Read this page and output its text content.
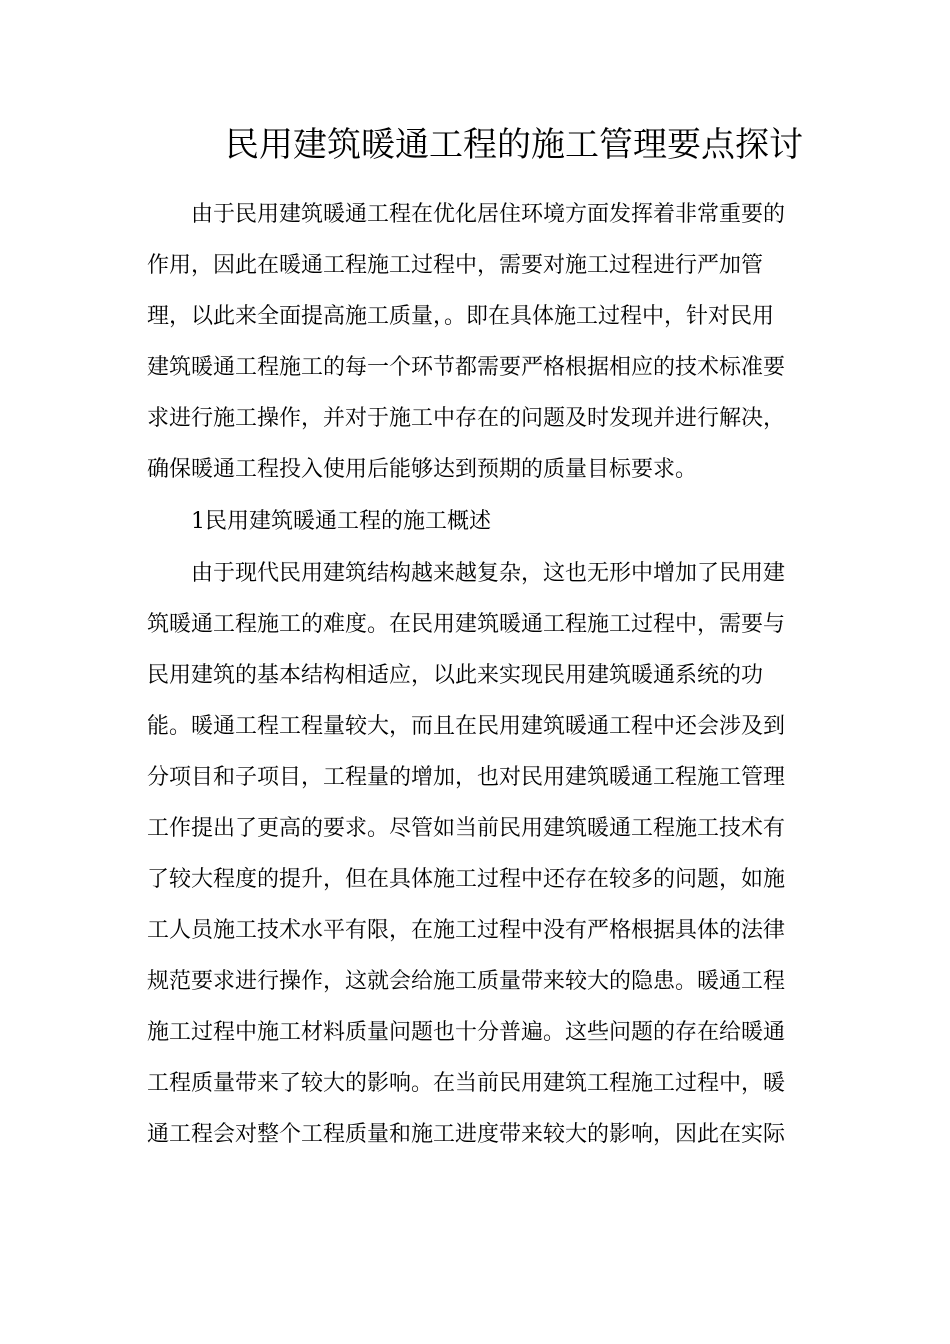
民用建筑暖通工程的施工管理要点探讨
由于民用建筑暖通工程在优化居住环境方面发挥着非常重要的
作用，因此在暖通工程施工过程中，需要对施工过程进行严加管
理，以此来全面提高施工质量，。即在具体施工过程中，针对民用
建筑暖通工程施工的每一个环节都需要严格根据相应的技术标准要
求进行施工操作，并对于施工中存在的问题及时发现并进行解决，
确保暖通工程投入使用后能够达到预期的质量目标要求。
1民用建筑暖通工程的施工概述
由于现代民用建筑结构越来越复杂，这也无形中增加了民用建
筑暖通工程施工的难度。在民用建筑暖通工程施工过程中，需要与
民用建筑的基本结构相适应，以此来实现民用建筑暖通系统的功
能。暖通工程工程量较大，而且在民用建筑暖通工程中还会涉及到
分项目和子项目，工程量的增加，也对民用建筑暖通工程施工管理
工作提出了更高的要求。尽管如当前民用建筑暖通工程施工技术有
了较大程度的提升，但在具体施工过程中还存在较多的问题，如施
工人员施工技术水平有限，在施工过程中没有严格根据具体的法律
规范要求进行操作，这就会给施工质量带来较大的隐患。暖通工程
施工过程中施工材料质量问题也十分普遍。这些问题的存在给暖通
工程质量带来了较大的影响。在当前民用建筑工程施工过程中，暖
通工程会对整个工程质量和施工进度带来较大的影响，因此在实际
